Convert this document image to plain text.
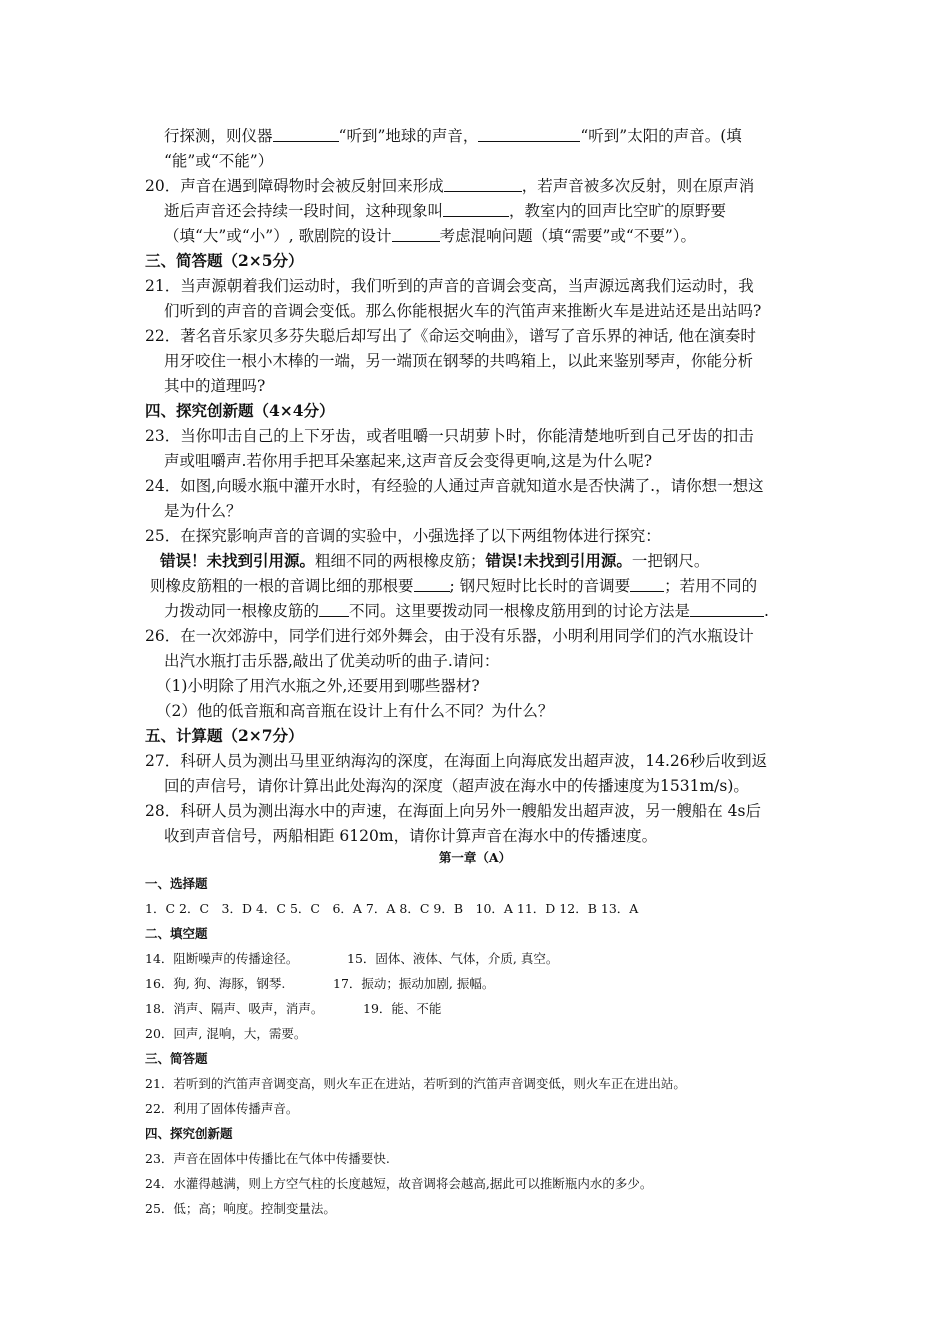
行探测，则仪器	“听到”地球的声音，	“听到”太阳的声音。(填
“能”或“不能”）
20．声音在遇到障碍物时会被反射回来形成	，若声音被多次反射，则在原声消
逝后声音还会持续一段时间，这种现象叫	，教室内的回声比空旷的原野要
（填“大”或“小”）, 歌剧院的设计	考虑混响问题（填“需要”或“不要”）。
三、简答题（2×5分）
21．当声源朝着我们运动时，我们听到的声音的音调会变高，当声源远离我们运动时，我
们听到的声音的音调会变低。那么你能根据火车的汽笛声来推断火车是进站还是出站吗?
22．著名音乐家贝多芬失聪后却写出了《命运交响曲》，谱写了音乐界的神话, 他在演奏时
用牙咬住一根小木棒的一端，另一端顶在钢琴的共鸣箱上，以此来鉴别琴声，你能分析
其中的道理吗?
四、探究创新题（4×4分）
23．当你叩击自己的上下牙齿，或者咀嚼一只胡萝卜时，你能清楚地听到自己牙齿的扣击
声或咀嚼声.若你用手把耳朵塞起来,这声音反会变得更响,这是为什么呢?
24．如图,向暖水瓶中灌开水时，有经验的人通过声音就知道水是否快满了.，请你想一想这
是为什么？
25．在探究影响声音的音调的实验中，小强选择了以下两组物体进行探究：
错误！未找到引用源。粗细不同的两根橡皮筋；错误!未找到引用源。一把钢尺。
则橡皮筋粗的一根的音调比细的那根要 ; 钢尺短时比长时的音调要 ；若用不同的
力拨动同一根橡皮筋的 不同。这里要拨动同一根橡皮筋用到的讨论方法是	.
26．在一次郊游中，同学们进行郊外舞会，由于没有乐器，小明利用同学们的汽水瓶设计
出汽水瓶打击乐器,敲出了优美动听的曲子.请问：
（1)小明除了用汽水瓶之外,还要用到哪些器材?
（2）他的低音瓶和高音瓶在设计上有什么不同？为什么？
五、计算题（2×7分）
27．科研人员为测出马里亚纳海沟的深度，在海面上向海底发出超声波，14.26秒后收到返
回的声信号，请你计算出此处海沟的深度（超声波在海水中的传播速度为1531m/s)。
28．科研人员为测出海水中的声速，在海面上向另外一艘船发出超声波，另一艘船在 4s后
收到声音信号，两船相距 6120m，请你计算声音在海水中的传播速度。
第一章（A）
一、选择题
1．C 2．C　3．D 4．C 5．C　6．A 7．A 8．C 9．B　10．A 11．D 12．B 13．A
二、填空题
14．阻断噪声的传播途径。	15．固体、液体、气体，介质, 真空。
16．狗, 狗、海豚，钢琴.	17．振动；振动加剧, 振幅。
18．消声、隔声、吸声，消声。	19．能、不能
20．回声, 混响，大，需要。
三、简答题
21．若听到的汽笛声音调变高，则火车正在进站，若听到的汽笛声音调变低，则火车正在进出站。
22．利用了固体传播声音。
四、探究创新题
23．声音在固体中传播比在气体中传播要快.
24．水灌得越满，则上方空气柱的长度越短，故音调将会越高,据此可以推断瓶内水的多少。
25．低；高；响度。控制变量法。
